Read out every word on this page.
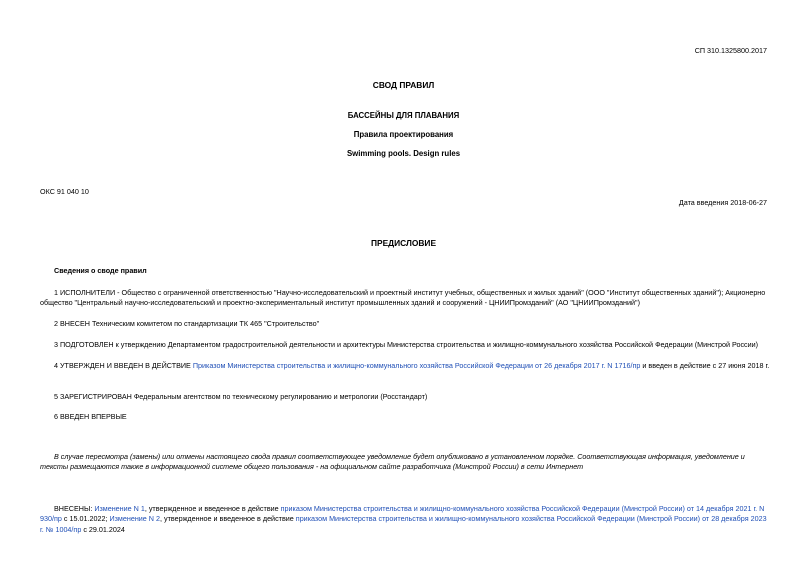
СП 310.1325800.2017
СВОД ПРАВИЛ
БАССЕЙНЫ ДЛЯ ПЛАВАНИЯ
Правила проектирования
Swimming pools. Design rules
ОКС 91 040 10
Дата введения 2018-06-27
ПРЕДИСЛОВИЕ
Сведения о своде правил
1 ИСПОЛНИТЕЛИ - Общество с ограниченной ответственностью "Научно-исследовательский и проектный институт учебных, общественных и жилых зданий" (ООО "Институт общественных зданий"); Акционерно общество "Центральный научно-исследовательский и проектно-экспериментальный институт промышленных зданий и сооружений - ЦНИИПромзданий" (АО "ЦНИИПромзданий")
2 ВНЕСЕН Техническим комитетом по стандартизации ТК 465 "Строительство"
3 ПОДГОТОВЛЕН к утверждению Департаментом градостроительной деятельности и архитектуры Министерства строительства и жилищно-коммунального хозяйства Российской Федерации (Минстрой России)
4 УТВЕРЖДЕН И ВВЕДЕН В ДЕЙСТВИЕ Приказом Министерства строительства и жилищно-коммунального хозяйства Российской Федерации от 26 декабря 2017 г. N 1716/пр и введен в действие с 27 июня 2018 г.
5 ЗАРЕГИСТРИРОВАН Федеральным агентством по техническому регулированию и метрологии (Росстандарт)
6 ВВЕДЕН ВПЕРВЫЕ
В случае пересмотра (замены) или отмены настоящего свода правил соответствующее уведомление будет опубликовано в установленном порядке. Соответствующая информация, уведомление и тексты размещаются также в информационной системе общего пользования - на официальном сайте разработчика (Минстрой России) в сети Интернет
ВНЕСЕНЫ: Изменение N 1, утвержденное и введенное в действие приказом Министерства строительства и жилищно-коммунального хозяйства Российской Федерации (Минстрой России) от 14 декабря 2021 г. N 930/пр с 15.01.2022; Изменение N 2, утвержденное и введенное в действие приказом Министерства строительства и жилищно-коммунального хозяйства Российской Федерации (Минстрой России) от 28 декабря 2023 г. № 1004/пр с 29.01.2024
